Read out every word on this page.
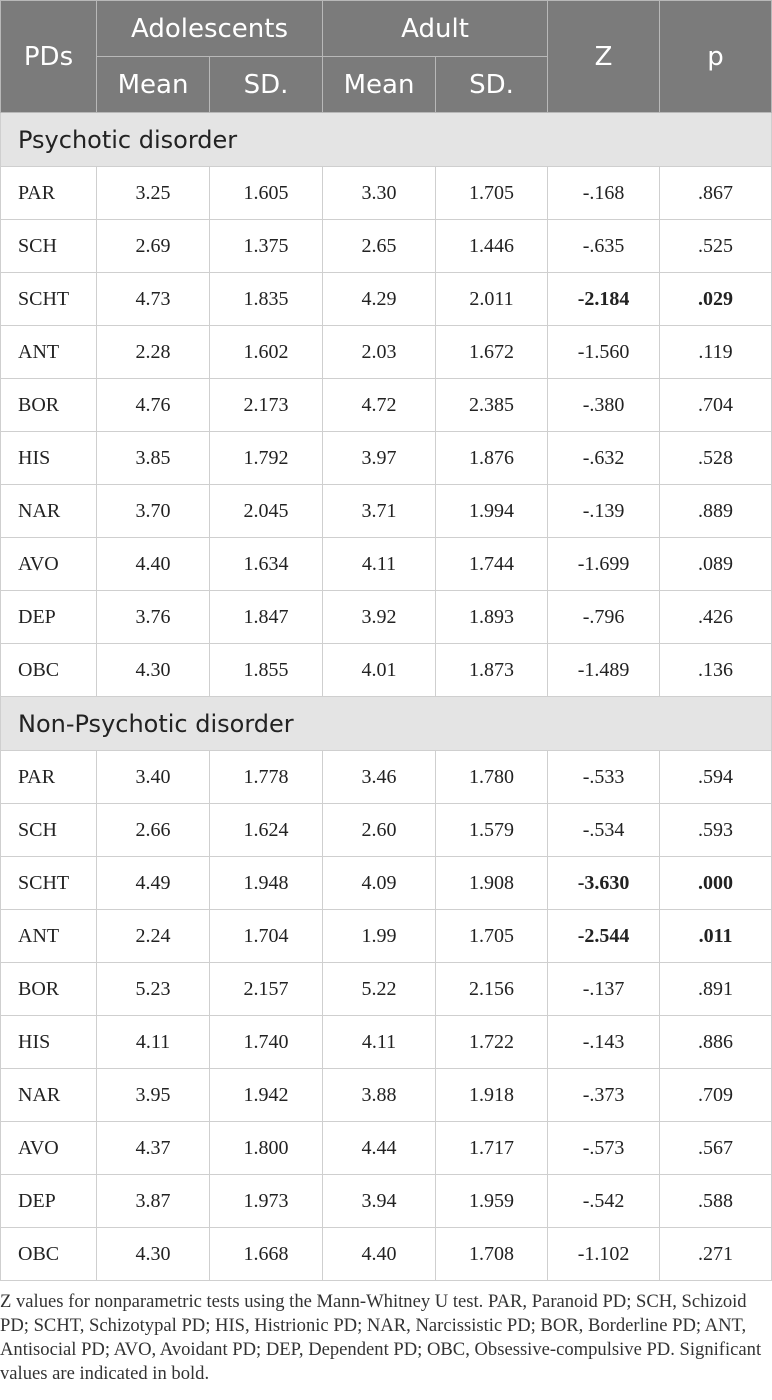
PDs	Adolescents		Adult		Z	p
	Mean	SD.	Mean	SD.		
Psychotic disorder						
PAR	3.25	1.605	3.30	1.705	-.168	.867
SCH	2.69	1.375	2.65	1.446	-.635	.525
SCHT	4.73	1.835	4.29	2.011	-2.184	.029
ANT	2.28	1.602	2.03	1.672	-1.560	.119
BOR	4.76	2.173	4.72	2.385	-.380	.704
HIS	3.85	1.792	3.97	1.876	-.632	.528
NAR	3.70	2.045	3.71	1.994	-.139	.889
AVO	4.40	1.634	4.11	1.744	-1.699	.089
DEP	3.76	1.847	3.92	1.893	-.796	.426
OBC	4.30	1.855	4.01	1.873	-1.489	.136
Non-Psychotic disorder						
PAR	3.40	1.778	3.46	1.780	-.533	.594
SCH	2.66	1.624	2.60	1.579	-.534	.593
SCHT	4.49	1.948	4.09	1.908	-3.630	.000
ANT	2.24	1.704	1.99	1.705	-2.544	.011
BOR	5.23	2.157	5.22	2.156	-.137	.891
HIS	4.11	1.740	4.11	1.722	-.143	.886
NAR	3.95	1.942	3.88	1.918	-.373	.709
AVO	4.37	1.800	4.44	1.717	-.573	.567
DEP	3.87	1.973	3.94	1.959	-.542	.588
OBC	4.30	1.668	4.40	1.708	-1.102	.271

Z values for nonparametric tests using the Mann-Whitney U test. PAR, Paranoid PD; SCH, Schizoid PD; SCHT, Schizotypal PD; HIS, Histrionic PD; NAR, Narcissistic PD; BOR, Borderline PD; ANT, Antisocial PD; AVO, Avoidant PD; DEP, Dependent PD; OBC, Obsessive-compulsive PD. Significant values are indicated in bold.
